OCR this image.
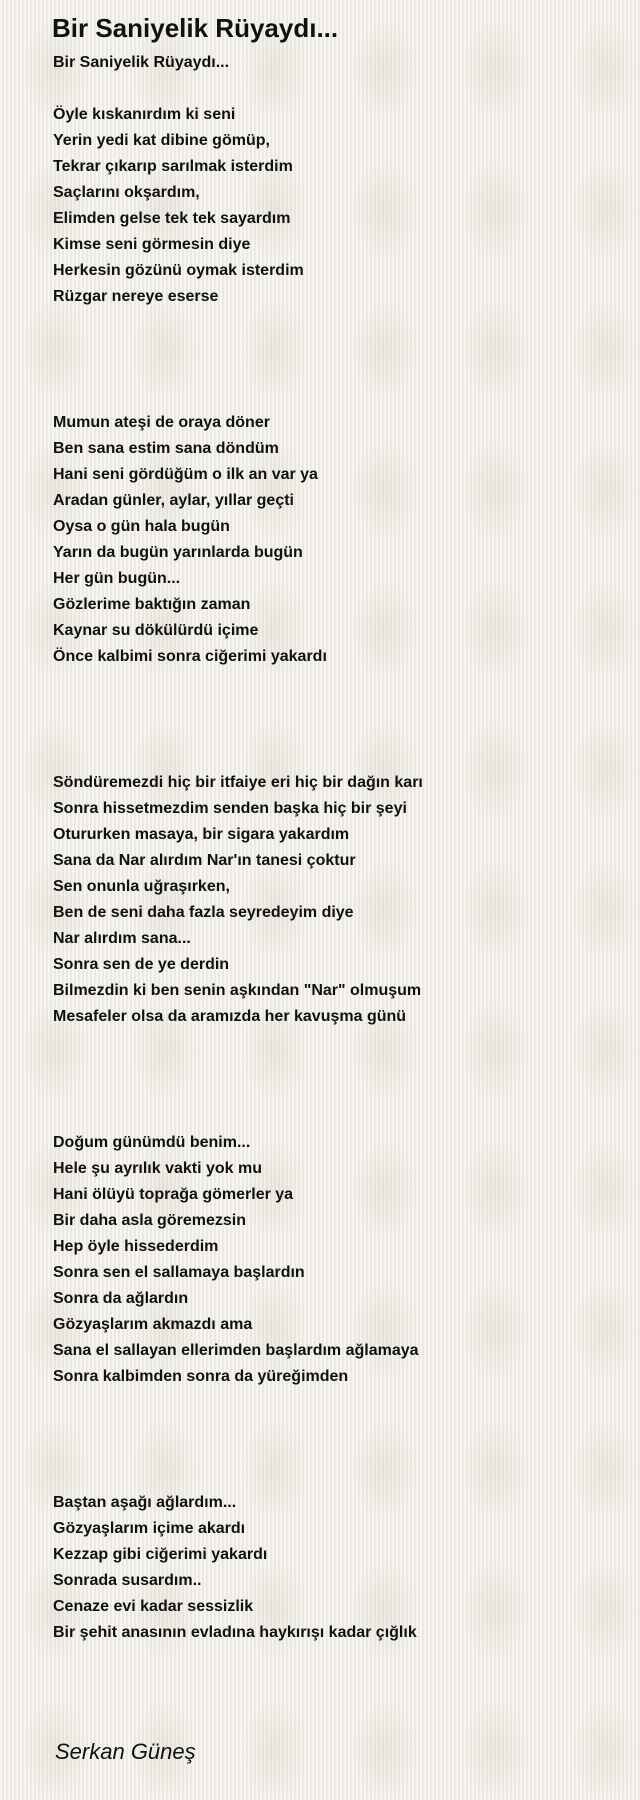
Bir Saniyelik Rüyaydı...
Bir Saniyelik Rüyaydı...
Öyle kıskanırdım ki seni
Yerin yedi kat dibine gömüp,
Tekrar çıkarıp sarılmak isterdim
Saçlarını okşardım,
Elimden gelse tek tek sayardım
Kimse seni görmesin diye
Herkesin gözünü oymak isterdim
Rüzgar nereye eserse
Mumun ateşi de oraya döner
Ben sana estim sana döndüm
Hani seni gördüğüm o ilk an var ya
Aradan günler, aylar, yıllar geçti
Oysa o gün hala bugün
Yarın da bugün yarınlarda bugün
Her gün bugün...
Gözlerime baktığın zaman
Kaynar su dökülürdü içime
Önce kalbimi sonra ciğerimi yakardı
Söndüremezdi hiç bir itfaiye eri hiç bir dağın karı
Sonra hissetmezdim senden başka hiç bir şeyi
Otururken masaya, bir sigara yakardım
Sana da Nar alırdım Nar'ın tanesi çoktur
Sen onunla uğraşırken,
Ben de seni daha fazla seyredeyim diye
Nar alırdım sana...
Sonra sen de ye derdin
Bilmezdin ki ben senin aşkından "Nar" olmuşum
Mesafeler olsa da aramızda her kavuşma günü
Doğum günümdü benim...
Hele şu ayrılık vakti yok mu
Hani ölüyü toprağa gömerler ya
Bir daha asla göremezsin
Hep öyle hissederdim
Sonra sen el sallamaya başlardın
Sonra da ağlardın
Gözyaşlarım akmazdı ama
Sana el sallayan ellerimden başlardım ağlamaya
Sonra kalbimden sonra da yüreğimden
Baştan aşağı ağlardım...
Gözyaşlarım içime akardı
Kezzap gibi ciğerimi yakardı
Sonrada susardım..
Cenaze evi kadar sessizlik
Bir şehit anasının evladına haykırışı kadar çığlık
Serkan Güneş
